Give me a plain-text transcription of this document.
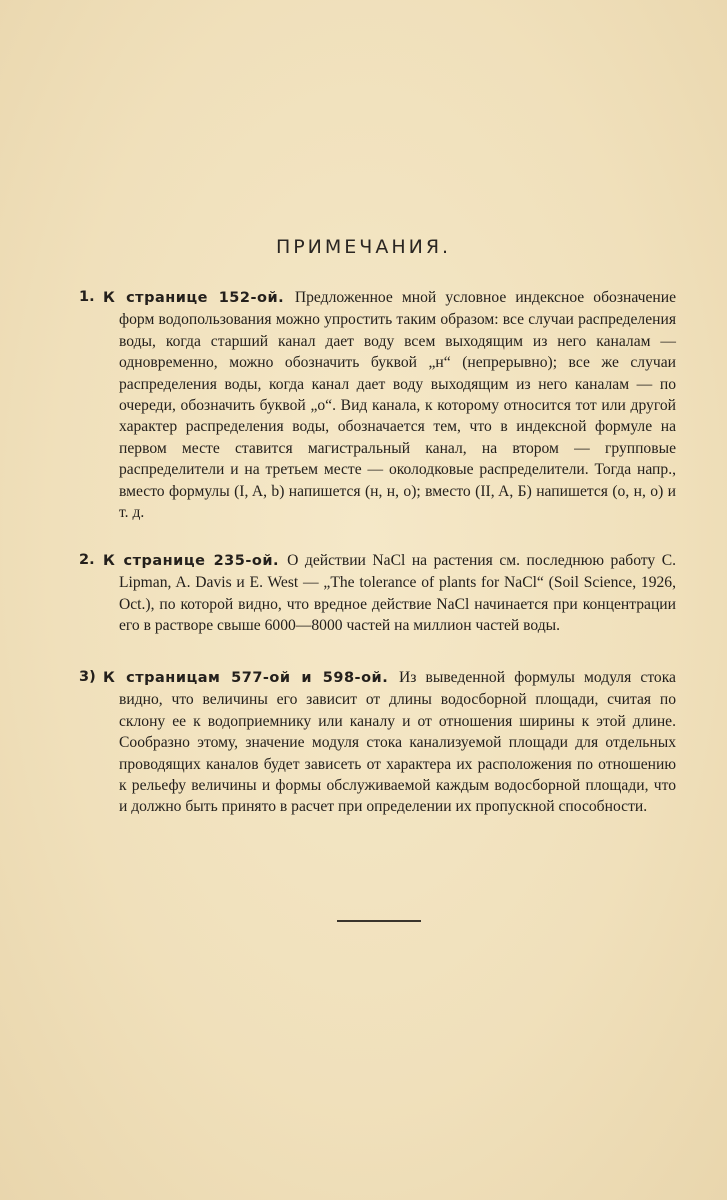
ПРИМЕЧАНИЯ.
1. К странице 152-ой. Предложенное мной условное индексное обозначение форм водопользования можно упростить таким образом: все случаи распределения воды, когда старший канал дает воду всем выходящим из него каналам — одновременно, можно обозначить буквой „н“ (непрерывно); все же случаи распределения воды, когда канал дает воду выходящим из него каналам — по очереди, обозначить буквой „о“. Вид канала, к которому относится тот или другой характер распределения воды, обозначается тем, что в индексной формуле на первом месте ставится магистральный канал, на втором — групповые распределители и на третьем месте — околодковые распределители. Тогда напр., вместо формулы (I, A, b) напишется (н, н, о); вместо (II, A, Б) напишется (о, н, о) и т. д.
2. К странице 235-ой. О действии NaCl на растения см. последнюю работу C. Lipman, A. Davis и E. West — „The tolerance of plants for NaCl“ (Soil Science, 1926, Oct.), по которой видно, что вредное действие NaCl начинается при концентрации его в растворе свыше 6000—8000 частей на миллион частей воды.
3) К страницам 577-ой и 598-ой. Из выведенной формулы модуля стока видно, что величины его зависит от длины водосборной площади, считая по склону ее к водоприемнику или каналу и от отношения ширины к этой длине. Сообразно этому, значение модуля стока канализуемой площади для отдельных проводящих каналов будет зависеть от характера их расположения по отношению к рельефу величины и формы обслуживаемой каждым водосборной площади, что и должно быть принято в расчет при определении их пропускной способности.
